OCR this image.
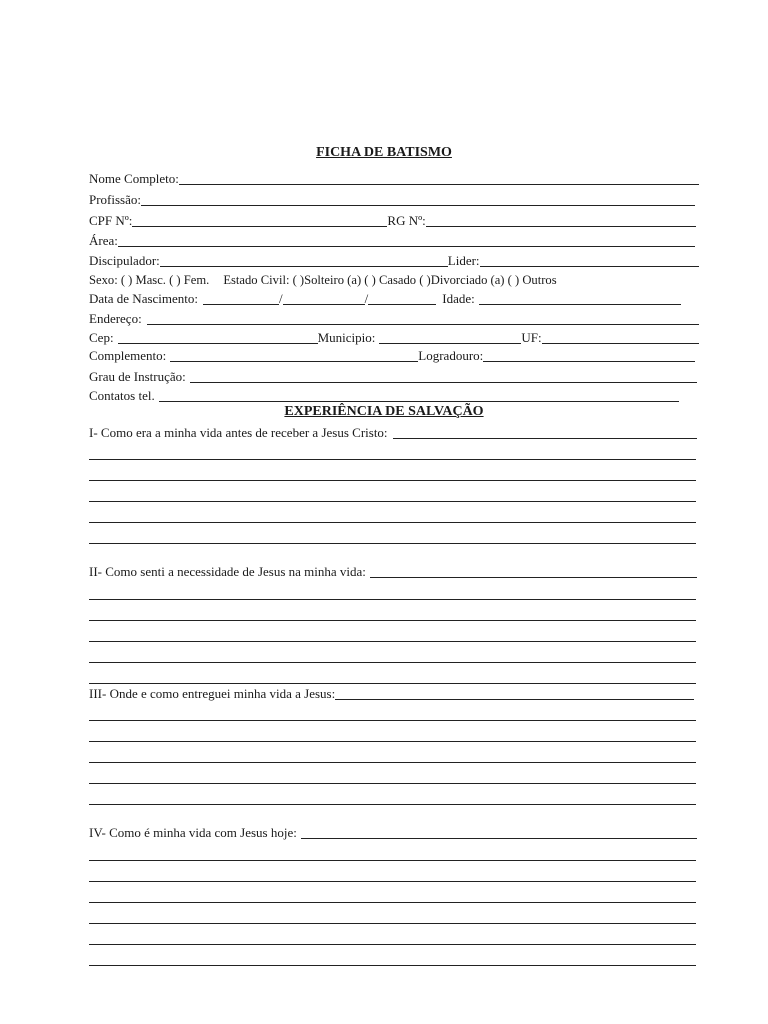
FICHA DE BATISMO
Nome Completo:
Profissão:
CPF Nº:	RG Nº:
Área:
Discipulador:	Lider:
Sexo: ( ) Masc. ( ) Fem. Estado Civil: ( )Solteiro (a) ( ) Casado ( )Divorciado (a) ( ) Outros
Data de Nascimento:	/	/	Idade:
Endereço:
Cep:	Municipio:	UF:
Complemento:	Logradouro:
Grau de Instrução:
Contatos tel.
EXPERIÊNCIA DE SALVAÇÃO
I- Como era a minha vida antes de receber a Jesus Cristo:
II- Como senti a necessidade de Jesus na minha vida:
III- Onde e como entreguei minha vida a Jesus:
IV- Como é minha vida com Jesus hoje:
